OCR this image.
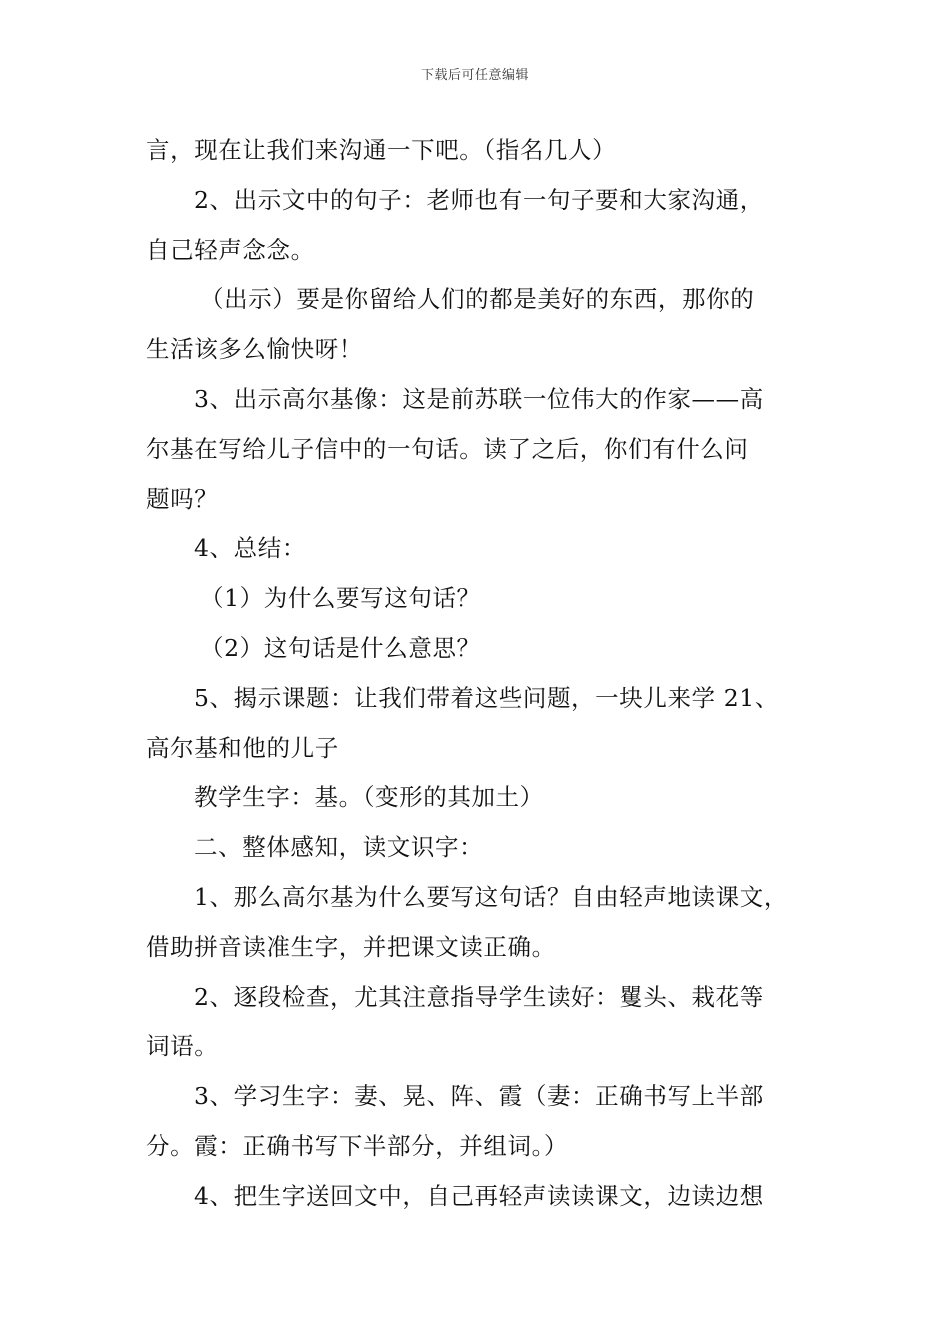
下载后可任意编辑
言，现在让我们来沟通一下吧。（指名几人）
2、出示文中的句子：老师也有一句子要和大家沟通，
自己轻声念念。
（出示）要是你留给人们的都是美好的东西，那你的
生活该多么愉快呀！
3、出示高尔基像：这是前苏联一位伟大的作家——高
尔基在写给儿子信中的一句话。读了之后，你们有什么问
题吗？
4、总结：
（1）为什么要写这句话？
（2）这句话是什么意思？
5、揭示课题：让我们带着这些问题，一块儿来学 21、
高尔基和他的儿子
教学生字：基。（变形的其加土）
二、整体感知，读文识字：
1、那么高尔基为什么要写这句话？自由轻声地读课文，
借助拼音读准生字，并把课文读正确。
2、逐段检查，尤其注意指导学生读好：矍头、栽花等
词语。
3、学习生字：妻、晃、阵、霞（妻：正确书写上半部
分。霞：正确书写下半部分，并组词。）
4、把生字送回文中，自己再轻声读读课文，边读边想
